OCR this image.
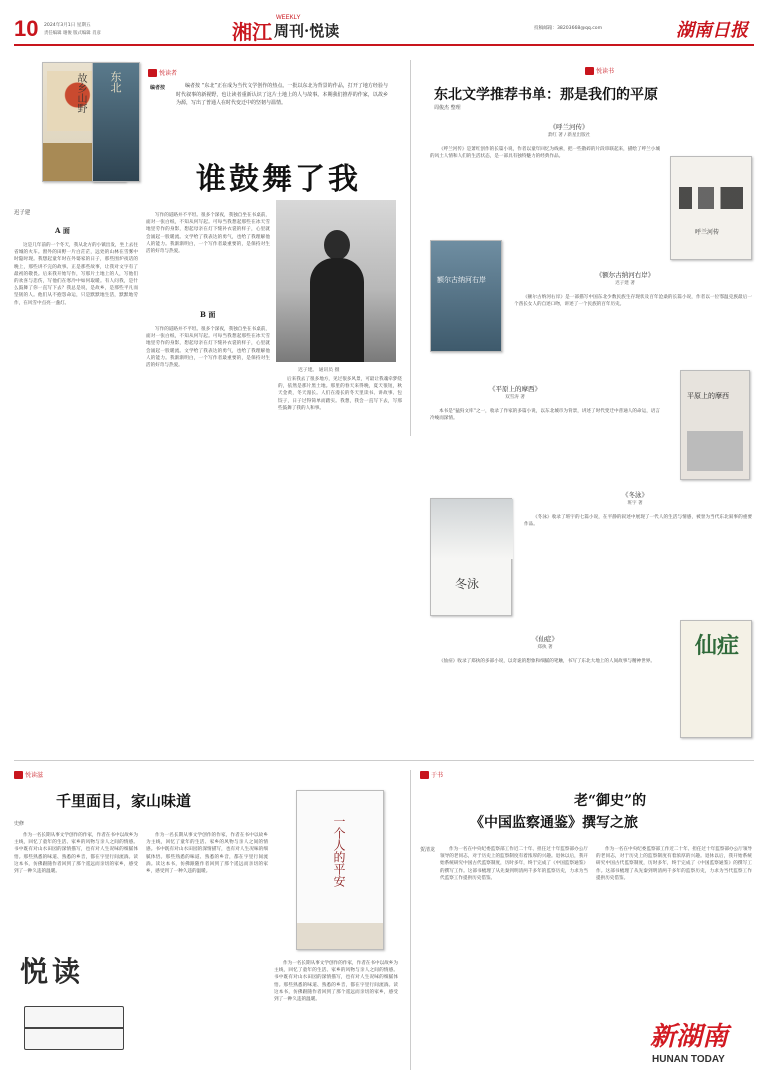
10 2024年3月1日 星期五
责任编辑 谢俊 版式编辑 肖彦	湘江
WEEKLY
周刊·悦读	投稿邮箱：38203668@qq.com	湖南日报
故乡山野 东北	悦读者
编者按	编者按 “东北”正在成为当代文学创作的热点。一批以东北为背景的作品，打开了地方经验与时代叙事的新视野，也让读者重新认识了这片土地上的人与故事。本期我们推荐的作家，以故乡为源，写出了普通人在时代变迁中的坚韧与温情。

谁鼓舞了我
迟子建
A 面

这是几年前的一个冬天，我从北方的小镇出发，坐上去往省城的火车。窗外的田野一片白茫茫，远处的山林在雪雾中时隐时现。我想起童年时在外婆家的日子，那些围炉夜话的晚上，那些讲不完的故事。正是那些故事，让我对文字有了最初的敬畏。后来我开始写作，写那片土地上的人，写他们的欢喜与悲伤，写他们在寒冷中如何取暖。有人问我，是什么鼓舞了你一直写下去？我总是说，是故乡，是那些平凡而坚韧的人。他们从不抱怨命运，只是默默地生活，默默地劳作，在风雪中点亮一盏灯。

写作的道路并不平坦。很多个深夜，我独自坐在书桌前，面对一张白纸，不知从何写起。可每当我想起那些在冰天雪地里劳作的身影，想起母亲在灯下缝补衣裳的样子，心里就会涌起一股暖流。文学给了我表达的勇气，也给了我理解他人的能力。我渐渐明白，一个写作者最重要的，是保持对生活的好奇与热爱。

B 面

写作的道路并不平坦。很多个深夜，我独自坐在书桌前，面对一张白纸，不知从何写起。可每当我想起那些在冰天雪地里劳作的身影，想起母亲在灯下缝补衣裳的样子，心里就会涌起一股暖流。文学给了我表达的勇气，也给了我理解他人的能力。我渐渐明白，一个写作者最重要的，是保持对生活的好奇与热爱。

迟子建。 通讯员 摄

后来我去了很多地方，见过很多风景，可最让我魂牵梦绕的，依然是那片黑土地。那里的春天来得晚，夏天很短，秋天金黄，冬天漫长。人们在漫长的冬天里读书、讲故事、包饺子，日子过得简单而踏实。我想，我会一直写下去，写那些鼓舞了我的人和事。

悦读书
东北文学推荐书单：那是我们的平原
周俊杰 整理
《呼兰河传》
萧红 著 / 新星出版社

《呼兰河传》是萧红创作的长篇小说，作者以童年回忆为线索，把一些散碎的片段串联起来，描绘了呼兰小城的风土人情和人们的生活状态，是一部具有独特魅力的经典作品。

呼兰河传
额尔古纳河右岸
《额尔古纳河右岸》
迟子建 著

《额尔古纳河右岸》是一部描写中国东北少数民族生存现状及百年沧桑的长篇小说，作者以一位鄂温克族最后一个酋长女人的自述口吻，讲述了一个民族的百年历史。

《平原上的摩西》
双雪涛 著

本书是“猛犸文库”之一，收录了作家的多篇小说，以东北城市为背景，讲述了时代变迁中普通人的命运，语言冷峻而深情。

平原上的摩西
冬泳
《冬泳》
班宇 著

《冬泳》收录了班宇的七篇小说，在平静的叙述中展现了一代人的生活与情感，被誉为当代东北叙事的重要作品。

《仙症》
郑执 著

《仙症》收录了郑执的多部小说，以奇诡的想象和细腻的笔触，书写了东北大地上的人间故事与精神世界。

仙症
悦读滋
千里面目，家山味道
史修

作为一名长期从事文学创作的作家，作者在书中以故乡为主线，回忆了童年的生活、家乡的风物与亲人之间的情感。书中既有对山水田园的深情描写，也有对人生况味的细腻体悟。那些熟悉的味道、熟悉的乡音，都在字里行间流淌。读这本书，仿佛跟随作者回到了那个遥远而亲切的家乡，感受到了一种久违的温暖。

作为一名长期从事文学创作的作家，作者在书中以故乡为主线，回忆了童年的生活、家乡的风物与亲人之间的情感。书中既有对山水田园的深情描写，也有对人生况味的细腻体悟。那些熟悉的味道、熟悉的乡音，都在字里行间流淌。读这本书，仿佛跟随作者回到了那个遥远而亲切的家乡，感受到了一种久违的温暖。

作为一名长期从事文学创作的作家，作者在书中以故乡为主线，回忆了童年的生活、家乡的风物与亲人之间的情感。书中既有对山水田园的深情描写，也有对人生况味的细腻体悟。那些熟悉的味道、熟悉的乡音，都在字里行间流淌。读这本书，仿佛跟随作者回到了那个遥远而亲切的家乡，感受到了一种久违的温暖。

悦读
一个人的平安
于书
老“御史”的
《中国监察通鉴》撰写之旅
贺清龙	作为一名在中央纪委监察部工作近二十年、担任过十年监察部办公厅领导的老同志，对于历史上的监察制度有着浓厚的兴趣。退休以后，我开始系统研究中国古代监察制度，历时多年，终于完成了《中国监察通鉴》的撰写工作。这部书梳理了从先秦到明清两千多年的监察历史，力求为当代监察工作提供历史借鉴。

作为一名在中央纪委监察部工作近二十年、担任过十年监察部办公厅领导的老同志，对于历史上的监察制度有着浓厚的兴趣。退休以后，我开始系统研究中国古代监察制度，历时多年，终于完成了《中国监察通鉴》的撰写工作。这部书梳理了从先秦到明清两千多年的监察历史，力求为当代监察工作提供历史借鉴。

新湖南
HUNAN TODAY
